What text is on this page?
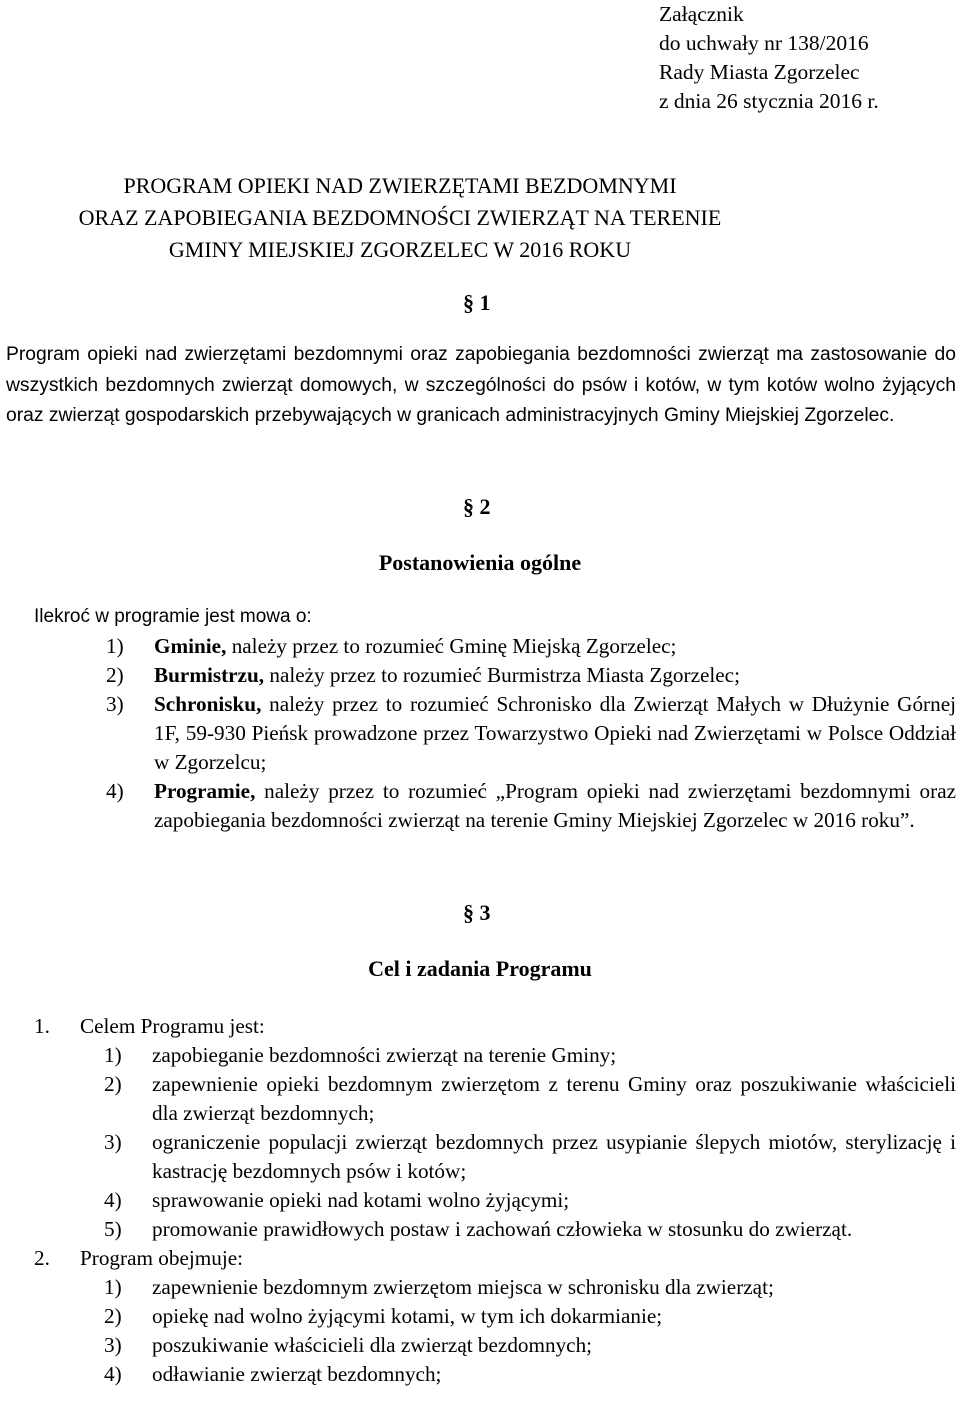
Załącznik
do uchwały nr 138/2016
Rady Miasta Zgorzelec
z dnia 26 stycznia 2016 r.
PROGRAM OPIEKI NAD ZWIERZĘTAMI BEZDOMNYMI
ORAZ ZAPOBIEGANIA BEZDOMNOŚCI ZWIERZĄT NA TERENIE
GMINY MIEJSKIEJ ZGORZELEC W 2016 ROKU
§ 1
Program opieki nad zwierzętami bezdomnymi oraz zapobiegania bezdomności zwierząt ma zastosowanie do wszystkich bezdomnych zwierząt domowych, w szczególności do psów i kotów, w tym kotów wolno żyjących oraz zwierząt gospodarskich przebywających w granicach administracyjnych Gminy Miejskiej Zgorzelec.
§ 2
Postanowienia ogólne
Ilekroć w programie jest mowa o:
1) Gminie, należy przez to rozumieć Gminę Miejską Zgorzelec;
2) Burmistrzu, należy przez to rozumieć Burmistrza Miasta Zgorzelec;
3) Schronisku, należy przez to rozumieć Schronisko dla Zwierząt Małych w Dłużynie Górnej 1F, 59-930 Pieńsk prowadzone przez Towarzystwo Opieki nad Zwierzętami w Polsce Oddział w Zgorzelcu;
4) Programie, należy przez to rozumieć „Program opieki nad zwierzętami bezdomnymi oraz zapobiegania bezdomności zwierząt na terenie Gminy Miejskiej Zgorzelec w 2016 roku”.
§ 3
Cel i zadania Programu
1. Celem Programu jest:
1) zapobieganie bezdomności zwierząt na terenie Gminy;
2) zapewnienie opieki bezdomnym zwierzętom z terenu Gminy oraz poszukiwanie właścicieli dla zwierząt bezdomnych;
3) ograniczenie populacji zwierząt bezdomnych przez usypianie ślepych miotów, sterylizację i kastrację bezdomnych psów i kotów;
4) sprawowanie opieki nad kotami wolno żyjącymi;
5) promowanie prawidłowych postaw i zachowań człowieka w stosunku do zwierząt.
2. Program obejmuje:
1) zapewnienie bezdomnym zwierzętom miejsca w schronisku dla zwierząt;
2) opiekę nad wolno żyjącymi kotami, w tym ich dokarmianie;
3) poszukiwanie właścicieli dla zwierząt bezdomnych;
4) odławianie zwierząt bezdomnych;
